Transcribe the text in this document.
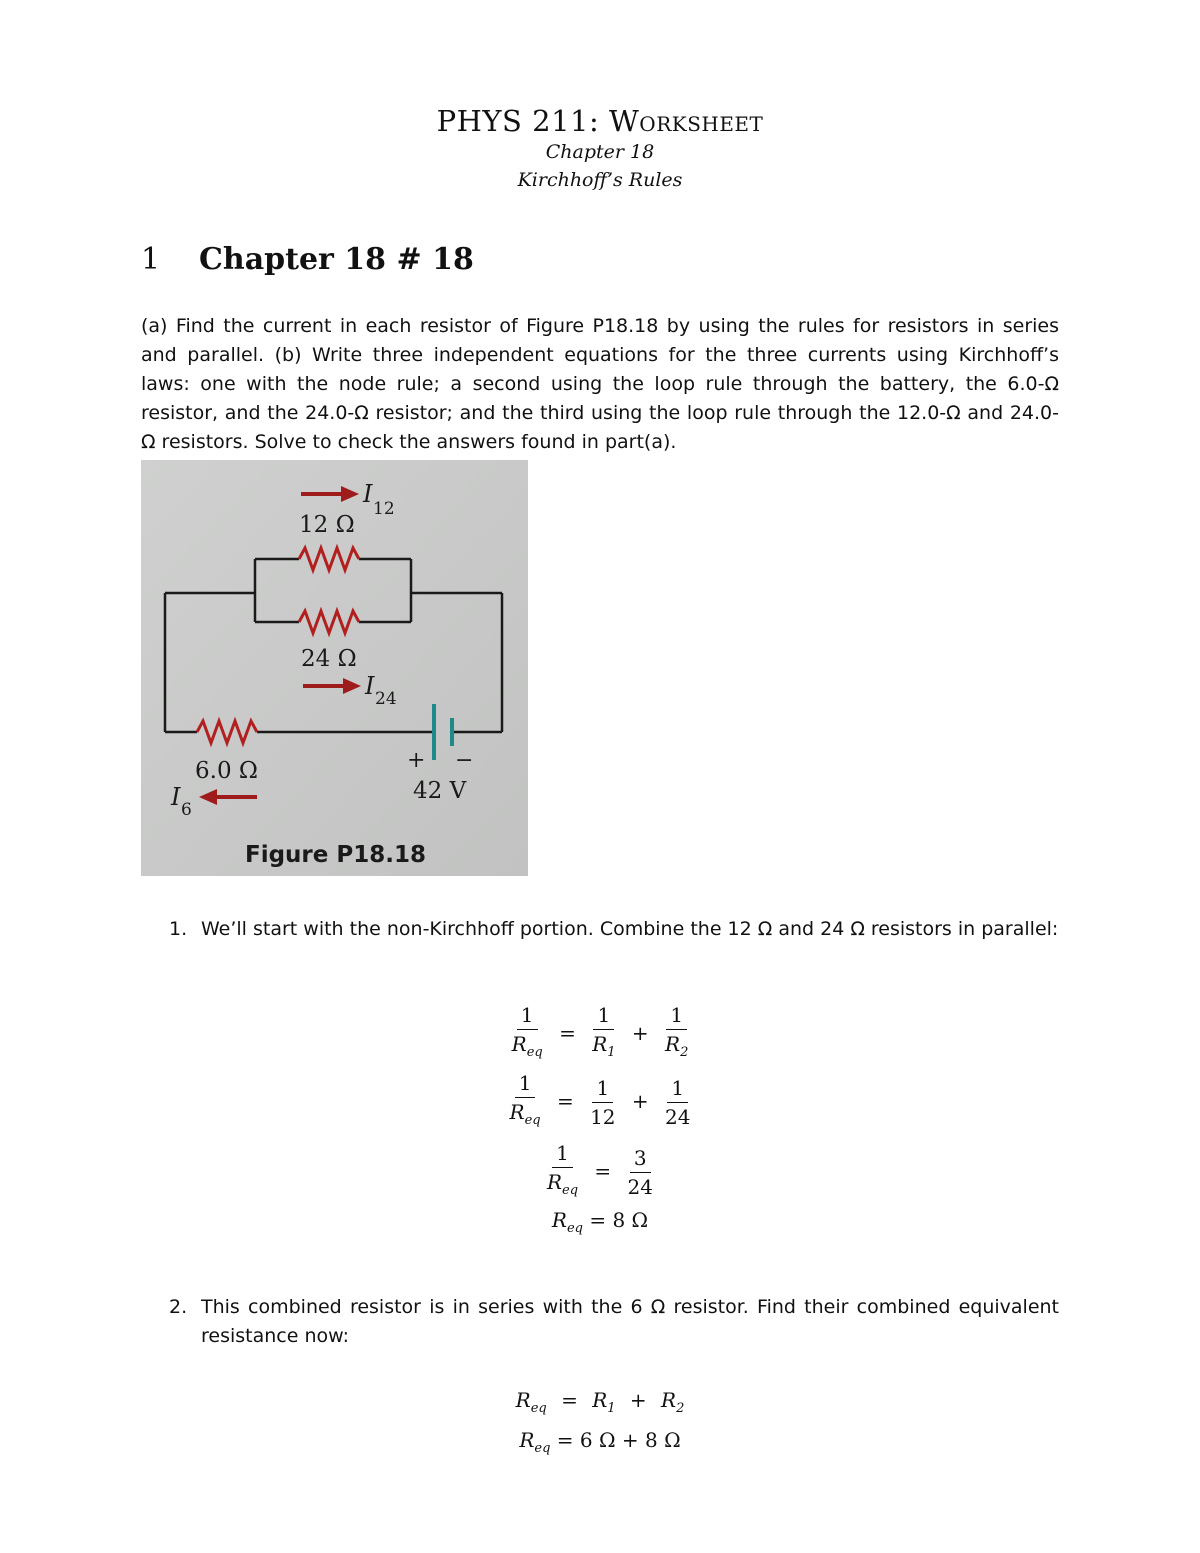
PHYS 211: Worksheet
Chapter 18
Kirchhoff’s Rules
1 Chapter 18 # 18
(a) Find the current in each resistor of Figure P18.18 by using the rules for resistors in series and parallel. (b) Write three independent equations for the three currents using Kirchhoff’s laws: one with the node rule; a second using the loop rule through the battery, the 6.0-Ω resistor, and the 24.0-Ω resistor; and the third using the loop rule through the 12.0-Ω and 24.0-Ω resistors. Solve to check the answers found in part(a).
12 Ω
24 Ω
6.0 Ω
42 V
+ −
I
12
I 24
I 6
Figure P18.18
1. We’ll start with the non-Kirchhoff portion. Combine the 12 Ω and 24 Ω resistors in parallel:
$\frac{1}{R_{eq}} = \frac{1}{R_1} + \frac{1}{R_2}$
$\frac{1}{R_{eq}} = \frac{1}{12} + \frac{1}{24}$
$\frac{1}{R_{eq}} = \frac{3}{24}$
$R_{eq} = 8$ Ω
2. This combined resistor is in series with the 6 Ω resistor. Find their combined equivalent resistance now:
$R_{eq} = R_1 + R_2$
$R_{eq} = 6$ Ω + 8 Ω
